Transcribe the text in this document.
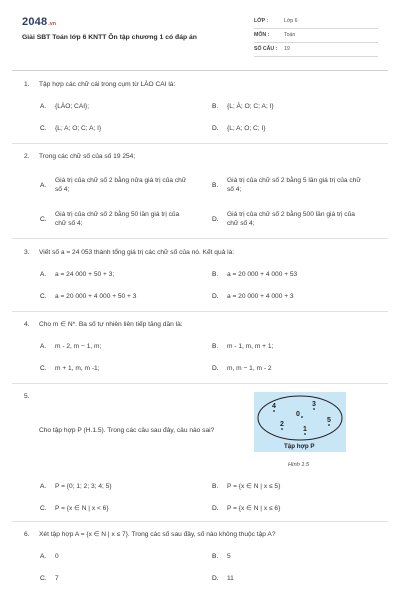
2048.vn
Giải SBT Toán lớp 6 KNTT Ôn tập chương 1 có đáp án
LỚP :	Lớp 6
MÔN :	Toán
SỐ CÂU : 19
1. Tập hợp các chữ cái trong cụm từ LÀO CAI là:
A. {LÀO; CAI};	B. {L; À; O; C; A; I}
C. {L; A; O; C; A; I}	D. {L; A; O; C; I}
2. Trong các chữ số của số 19 254;
A.
Giá trị của chữ số 2 bằng nửa giá trị của chữ số 4;
B.
Giá trị của chữ số 2 bằng 5 lần giá trị của chữ số 4;
C.
Giá trị của chữ số 2 bằng 50 lần giá trị của chữ số 4;
D.
Giá trị của chữ số 2 bằng 500 lần giá trị của chữ số 4;
3. Viết số a = 24 053 thành tổng giá trị các chữ số của nó. Kết quả là:
A. a = 24 000 + 50 + 3;	B. a = 20 000 + 4 000 + 53
C. a = 20 000 + 4 000 + 50 + 3	D. a = 20 000 + 4 000 + 3
4. Cho m ∈ N*. Ba số tự nhiên liên tiếp tăng dần là:
A. m - 2, m − 1, m;	B. m - 1, m, m + 1;
C. m + 1, m, m -1;	D. m, m − 1, m - 2
5.
Cho tập hợp P (H.1.5). Trong các câu sau đây, câu nào sai?
A. P = {0; 1; 2; 3; 4; 5}	B. P = {x ∈ N | x ≤ 5}
C. P = {x ∈ N | x < 6}	D. P = {x ∈ N | x ≤ 6}
4	3
0
2
1
5
Tập hợp P
Hình 1.5
6. Xét tập hợp A = {x ∈ N | x ≤ 7}. Trong các số sau đây, số nào không thuộc tập A?
A. 0	B. 5
C. 7	D. 11
